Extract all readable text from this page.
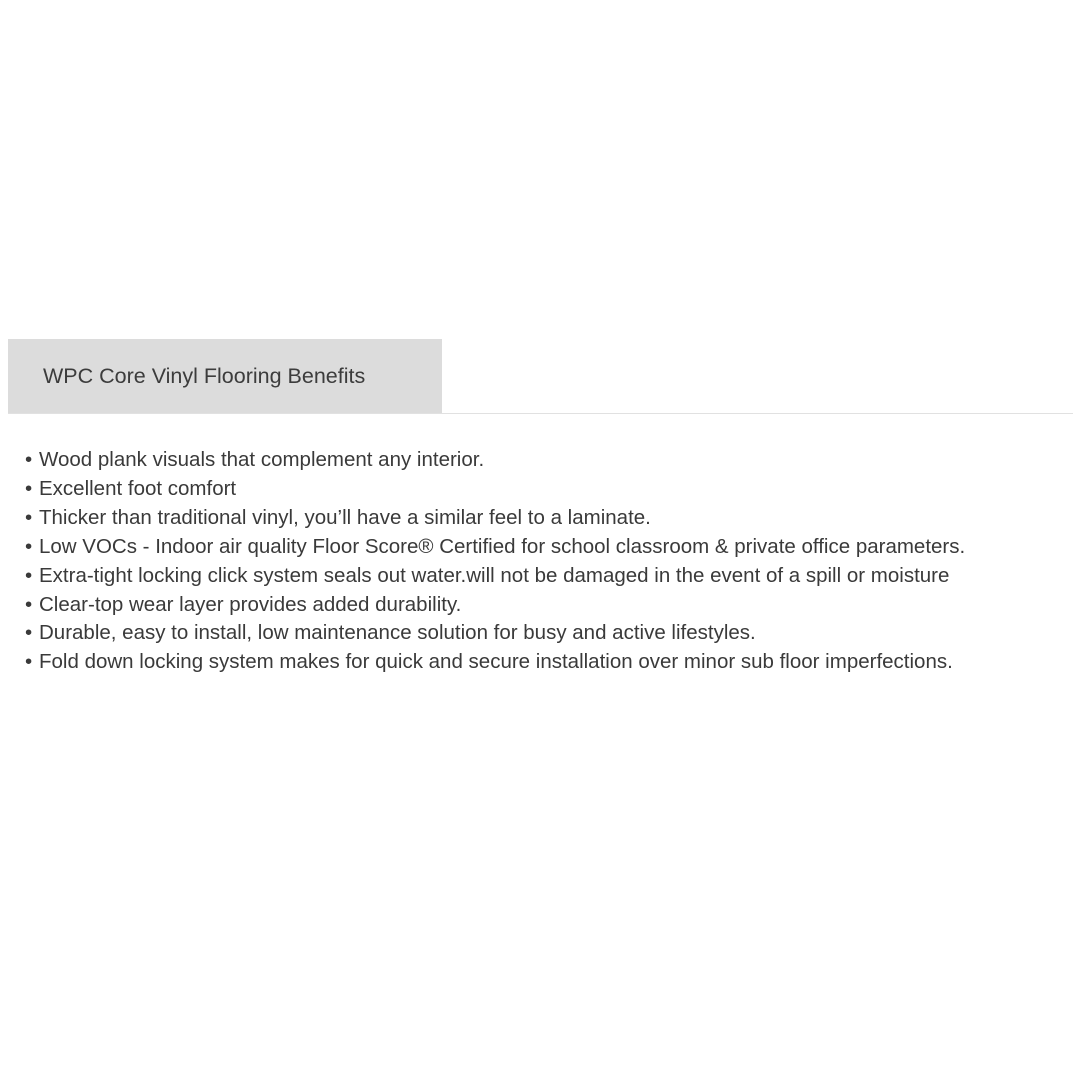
WPC Core Vinyl Flooring Benefits
• Wood plank visuals that complement any interior.
• Excellent foot comfort
• Thicker than traditional vinyl, you’ll have a similar feel to a laminate.
• Low VOCs - Indoor air quality Floor Score® Certified for school classroom & private office parameters.
• Extra-tight locking click system seals out water.will not be damaged in the event of a spill or moisture
• Clear-top wear layer provides added durability.
• Durable, easy to install, low maintenance solution for busy and active lifestyles.
• Fold down locking system makes for quick and secure installation over minor sub floor imperfections.
